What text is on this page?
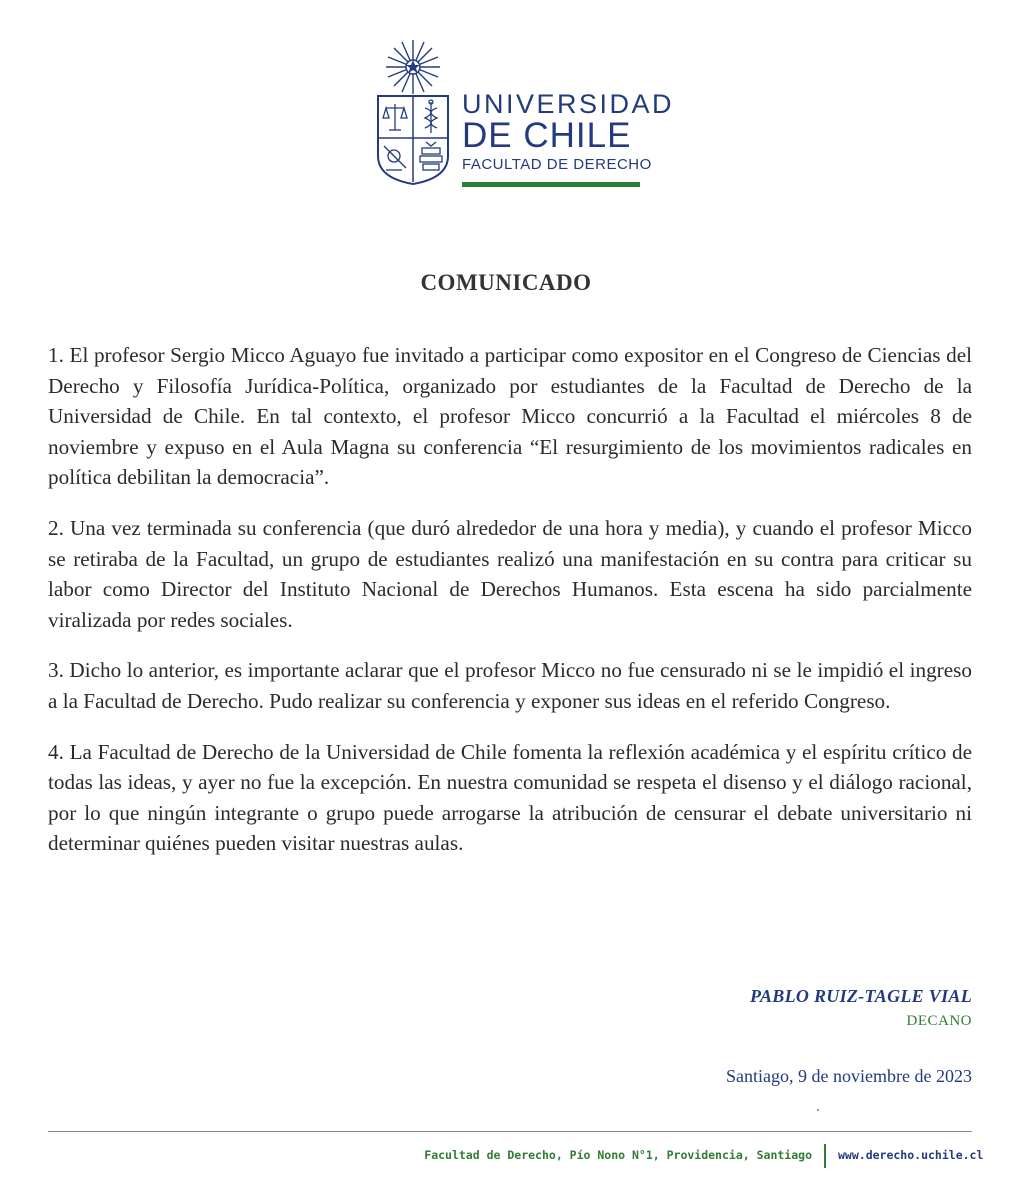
UNIVERSIDAD
DE CHILE
FACULTAD DE DERECHO
COMUNICADO

1. El profesor Sergio Micco Aguayo fue invitado a participar como expositor en el Congreso de Ciencias del Derecho y Filosofía Jurídica-Política, organizado por estudiantes de la Facultad de Derecho de la Universidad de Chile. En tal contexto, el profesor Micco concurrió a la Facultad el miércoles 8 de noviembre y expuso en el Aula Magna su conferencia “El resurgimiento de los movimientos radicales en política debilitan la democracia”.

2. Una vez terminada su conferencia (que duró alrededor de una hora y media), y cuando el profesor Micco se retiraba de la Facultad, un grupo de estudiantes realizó una manifestación en su contra para criticar su labor como Director del Instituto Nacional de Derechos Humanos. Esta escena ha sido parcialmente viralizada por redes sociales.

3. Dicho lo anterior, es importante aclarar que el profesor Micco no fue censurado ni se le impidió el ingreso a la Facultad de Derecho. Pudo realizar su conferencia y exponer sus ideas en el referido Congreso.

4. La Facultad de Derecho de la Universidad de Chile fomenta la reflexión académica y el espíritu crítico de todas las ideas, y ayer no fue la excepción. En nuestra comunidad se respeta el disenso y el diálogo racional, por lo que ningún integrante o grupo puede arrogarse la atribución de censurar el debate universitario ni determinar quiénes pueden visitar nuestras aulas.

PABLO RUIZ-TAGLE VIAL
DECANO
Santiago, 9 de noviembre de 2023
Facultad de Derecho, Pío Nono N°1, Providencia, Santiago www.derecho.uchile.cl
